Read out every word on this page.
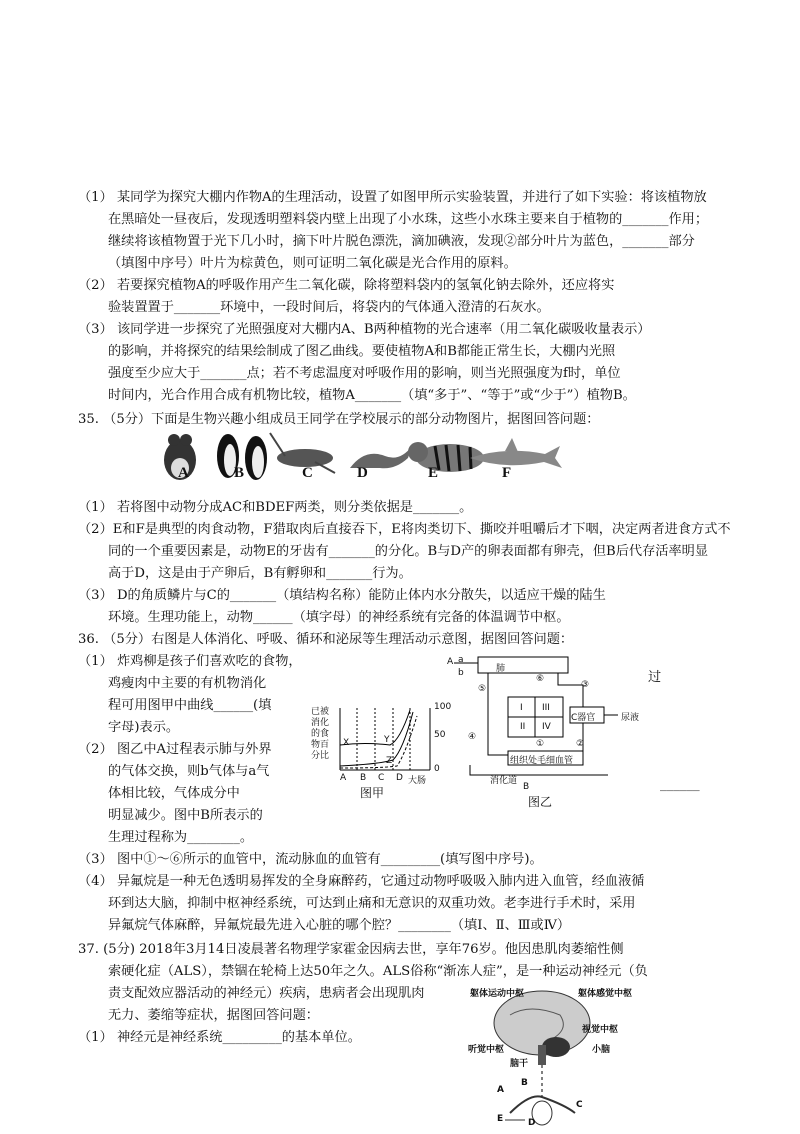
（1） 某同学为探究大棚内作物A的生理活动，设置了如图甲所示实验装置，并进行了如下实验：将该植物放
在黑暗处一昼夜后，发现透明塑料袋内壁上出现了小水珠，这些小水珠主要来自于植物的_______作用；
继续将该植物置于光下几小时，摘下叶片脱色漂洗，滴加碘液，发现②部分叶片为蓝色，_______部分
（填图中序号）叶片为棕黄色，则可证明二氧化碳是光合作用的原料。
（2） 若要探究植物A的呼吸作用产生二氧化碳，除将塑料袋内的氢氧化钠去除外，还应将实
验装置置于_______环境中，一段时间后，将袋内的气体通入澄清的石灰水。
（3） 该同学进一步探究了光照强度对大棚内A、B两种植物的光合速率（用二氧化碳吸收量表示）
的影响，并将探究的结果绘制成了图乙曲线。要使植物A和B都能正常生长，大棚内光照
强度至少应大于_______点；若不考虑温度对呼吸作用的影响，则当光照强度为f时，单位
时间内，光合作用合成有机物比较，植物A_______（填“多于”、“等于”或“少于”）植物B。
35. （5分）下面是生物兴趣小组成员王同学在学校展示的部分动物图片，据图回答问题：
A	B	C	D	E	F
（1） 若将图中动物分成AC和BDEF两类，则分类依据是_______。
（2）E和F是典型的肉食动物，F猎取肉后直接吞下，E将肉类切下、撕咬并咀嚼后才下咽，决定两者进食方式不
同的一个重要因素是，动物E的牙齿有_______的分化。B与D产的卵表面都有卵壳，但B后代存活率明显
高于D，这是由于产卵后，B有孵卵和_______行为。
（3） D的角质鳞片与C的_______（填结构名称）能防止体内水分散失，以适应干燥的陆生
环境。生理功能上，动物______（填字母）的神经系统有完备的体温调节中枢。
36. （5分）右图是人体消化、呼吸、循环和泌尿等生理活动示意图，据图回答问题：
（1） 炸鸡柳是孩子们喜欢吃的食物，
鸡瘦肉中主要的有机物消化
程可用图甲中曲线______(填
字母)表示。
（2） 图乙中A过程表示肺与外界
的气体交换，则b气体与a气
体相比较，气体成分中
明显减少。图中B所表示的
生理过程称为________。
过
______
已被
消化
的食
物百
分比
100
50
0
A B C D 大肠
X	Y
Z
图甲
肺
C器官	尿液
组织处毛细血管
消化道
I III
II IV
A a
b
B
⑤
⑥
④
①	②
③
图乙
（3） 图中①～⑥所示的血管中，流动脉血的血管有_________(填写图中序号)。
（4） 异氟烷是一种无色透明易挥发的全身麻醉药，它通过动物呼吸吸入肺内进入血管，经血液循
环到达大脑，抑制中枢神经系统，可达到止痛和无意识的双重功效。老李进行手术时，采用
异氟烷气体麻醉，异氟烷最先进入心脏的哪个腔？________（填Ⅰ、Ⅱ、Ⅲ或Ⅳ）
37. (5分) 2018年3月14日凌晨著名物理学家霍金因病去世，享年76岁。他因患肌肉萎缩性侧
索硬化症（ALS），禁锢在轮椅上达50年之久。ALS俗称“渐冻人症”，是一种运动神经元（负
责支配效应器活动的神经元）疾病，患病者会出现肌肉
无力、萎缩等症状，据图回答问题：
（1） 神经元是神经系统_________的基本单位。
躯体运动中枢	躯体感觉中枢
视觉中枢
小脑
听觉中枢
脑干
A
B
C
D
E
